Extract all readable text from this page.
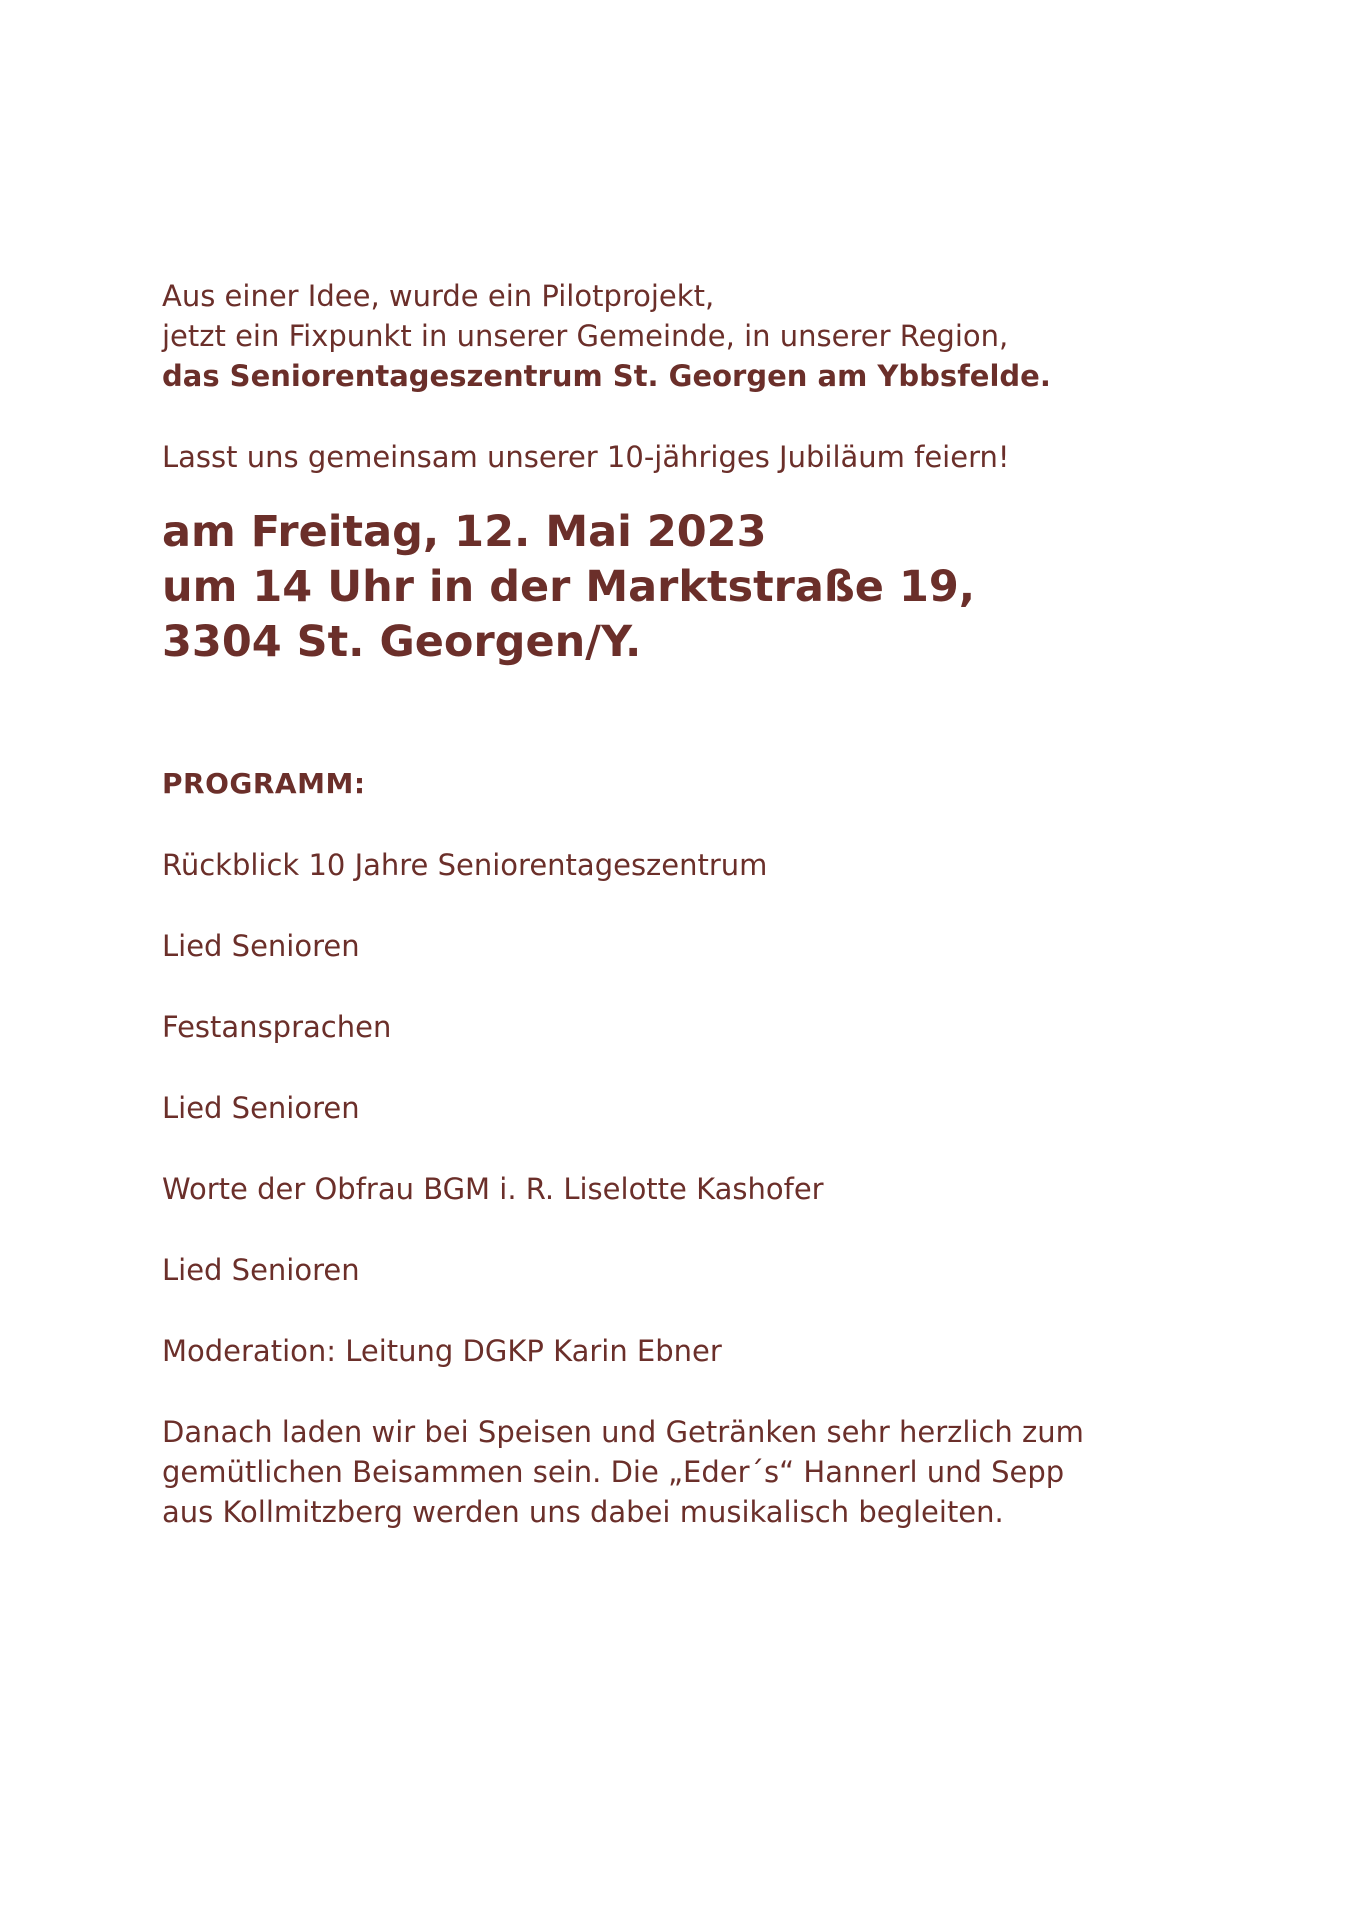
Aus einer Idee, wurde ein Pilotprojekt,
jetzt ein Fixpunkt in unserer Gemeinde, in unserer Region,
das Seniorentageszentrum St. Georgen am Ybbsfelde.

Lasst uns gemeinsam unserer 10-jähriges Jubiläum feiern!

am Freitag, 12. Mai 2023
um 14 Uhr in der Marktstraße 19,
3304 St. Georgen/Y.
PROGRAMM:
Rückblick 10 Jahre Seniorentageszentrum
Lied Senioren
Festansprachen
Lied Senioren
Worte der Obfrau BGM i. R. Liselotte Kashofer
Lied Senioren

Moderation: Leitung DGKP Karin Ebner

Danach laden wir bei Speisen und Getränken sehr herzlich zum
gemütlichen Beisammen sein. Die „Eder´s“ Hannerl und Sepp
aus Kollmitzberg werden uns dabei musikalisch begleiten.
